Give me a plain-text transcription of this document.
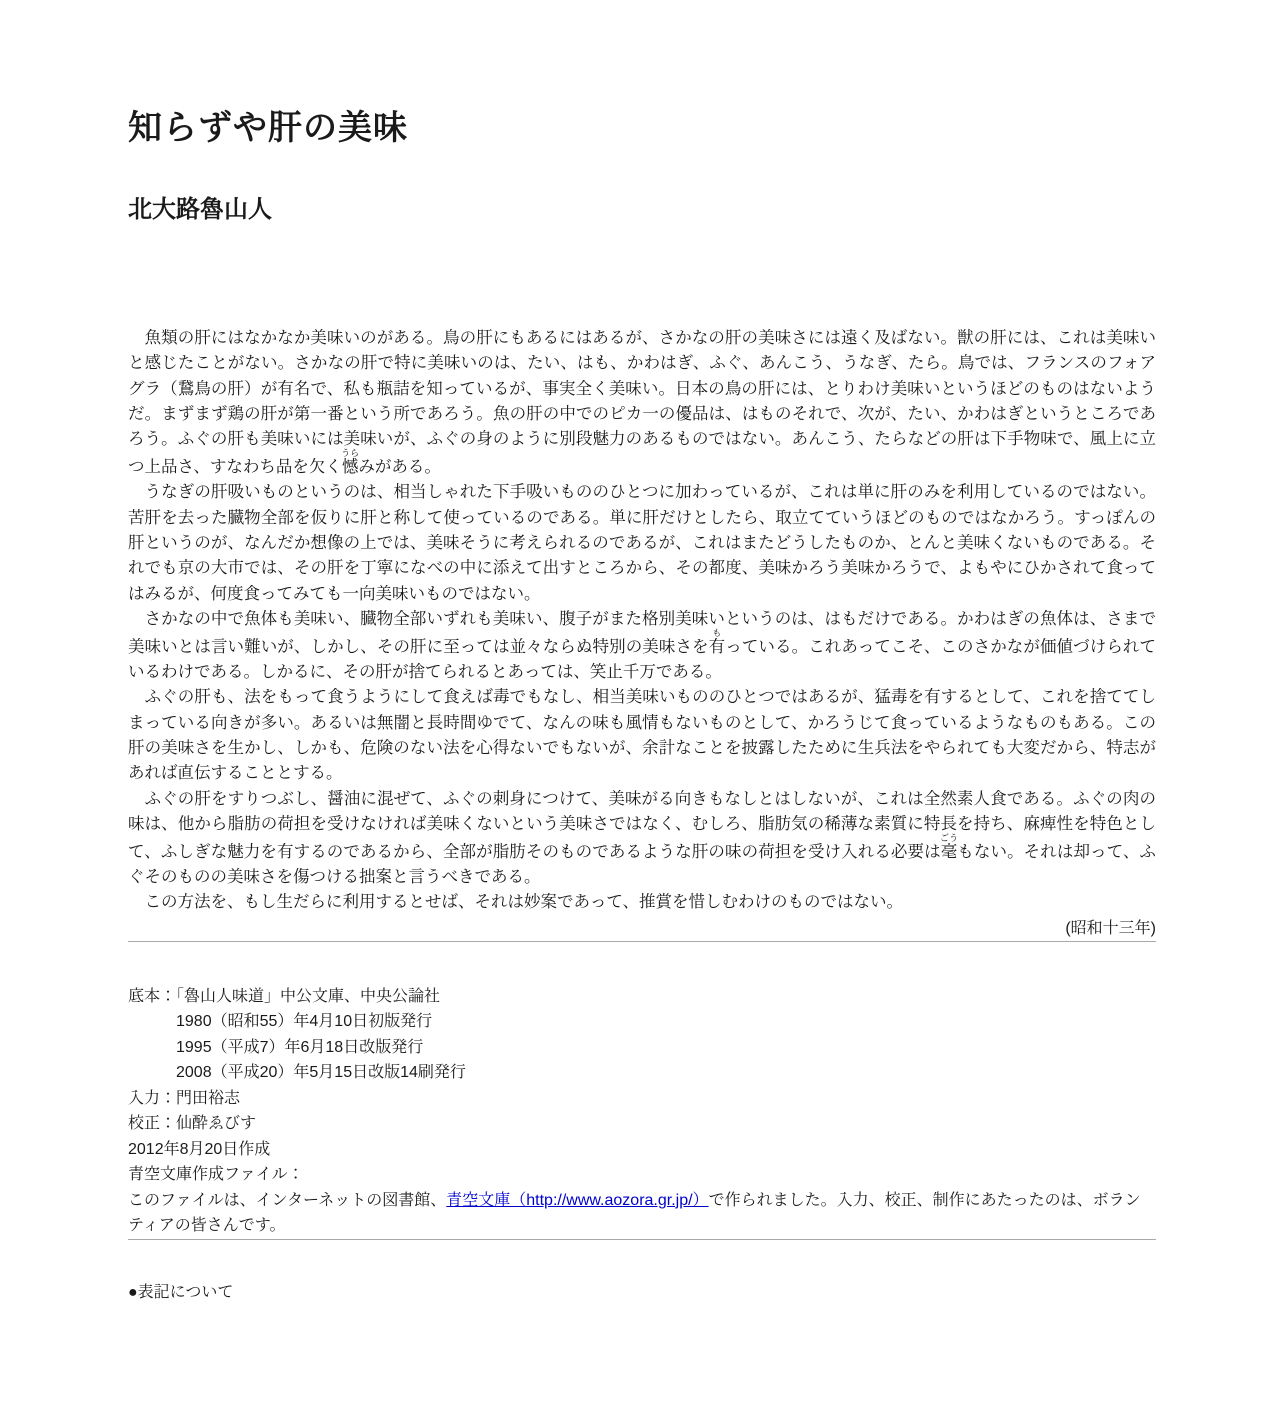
知らずや肝の美味
北大路魯山人

　魚類の肝にはなかなか美味いのがある。鳥の肝にもあるにはあるが、さかなの肝の美味さには遠く及ばない。獣の肝には、これは美味いと感じたことがない。さかなの肝で特に美味いのは、たい、はも、かわはぎ、ふぐ、あんこう、うなぎ、たら。鳥では、フランスのフォアグラ（鵞鳥の肝）が有名で、私も瓶詰を知っているが、事実全く美味い。日本の鳥の肝には、とりわけ美味いというほどのものはないようだ。まずまず鶏の肝が第一番という所であろう。魚の肝の中でのピカ一の優品は、はものそれで、次が、たい、かわはぎというところであろう。ふぐの肝も美味いには美味いが、ふぐの身のように別段魅力のあるものではない。あんこう、たらなどの肝は下手物味で、風上に立つ上品さ、すなわち品を欠く憾うらみがある。

　うなぎの肝吸いものというのは、相当しゃれた下手吸いもののひとつに加わっているが、これは単に肝のみを利用しているのではない。苦肝を去った臓物全部を仮りに肝と称して使っているのである。単に肝だけとしたら、取立てていうほどのものではなかろう。すっぽんの肝というのが、なんだか想像の上では、美味そうに考えられるのであるが、これはまたどうしたものか、とんと美味くないものである。それでも京の大市では、その肝を丁寧になべの中に添えて出すところから、その都度、美味かろう美味かろうで、よもやにひかされて食ってはみるが、何度食ってみても一向美味いものではない。

　さかなの中で魚体も美味い、臓物全部いずれも美味い、腹子がまた格別美味いというのは、はもだけである。かわはぎの魚体は、さまで美味いとは言い難いが、しかし、その肝に至っては並々ならぬ特別の美味さを有もっている。これあってこそ、このさかなが価値づけられているわけである。しかるに、その肝が捨てられるとあっては、笑止千万である。

　ふぐの肝も、法をもって食うようにして食えば毒でもなし、相当美味いもののひとつではあるが、猛毒を有するとして、これを捨ててしまっている向きが多い。あるいは無闇と長時間ゆでて、なんの味も風情もないものとして、かろうじて食っているようなものもある。この肝の美味さを生かし、しかも、危険のない法を心得ないでもないが、余計なことを披露したために生兵法をやられても大変だから、特志があれば直伝することとする。

　ふぐの肝をすりつぶし、醤油に混ぜて、ふぐの刺身につけて、美味がる向きもなしとはしないが、これは全然素人食である。ふぐの肉の味は、他から脂肪の荷担を受けなければ美味くないという美味さではなく、むしろ、脂肪気の稀薄な素質に特長を持ち、麻痺性を特色として、ふしぎな魅力を有するのであるから、全部が脂肪そのものであるような肝の味の荷担を受け入れる必要は毫ごうもない。それは却って、ふぐそのものの美味さを傷つける拙案と言うべきである。

　この方法を、もし生だらに利用するとせば、それは妙案であって、推賞を惜しむわけのものではない。

(昭和十三年)

底本：「魯山人味道」中公文庫、中央公論社
　　　1980（昭和55）年4月10日初版発行
　　　1995（平成7）年6月18日改版発行
　　　2008（平成20）年5月15日改版14刷発行
入力：門田裕志
校正：仙酔ゑびす
2012年8月20日作成
青空文庫作成ファイル：

このファイルは、インターネットの図書館、青空文庫（http://www.aozora.gr.jp/）で作られました。入力、校正、制作にあたったのは、ボランティアの皆さんです。

●表記について
